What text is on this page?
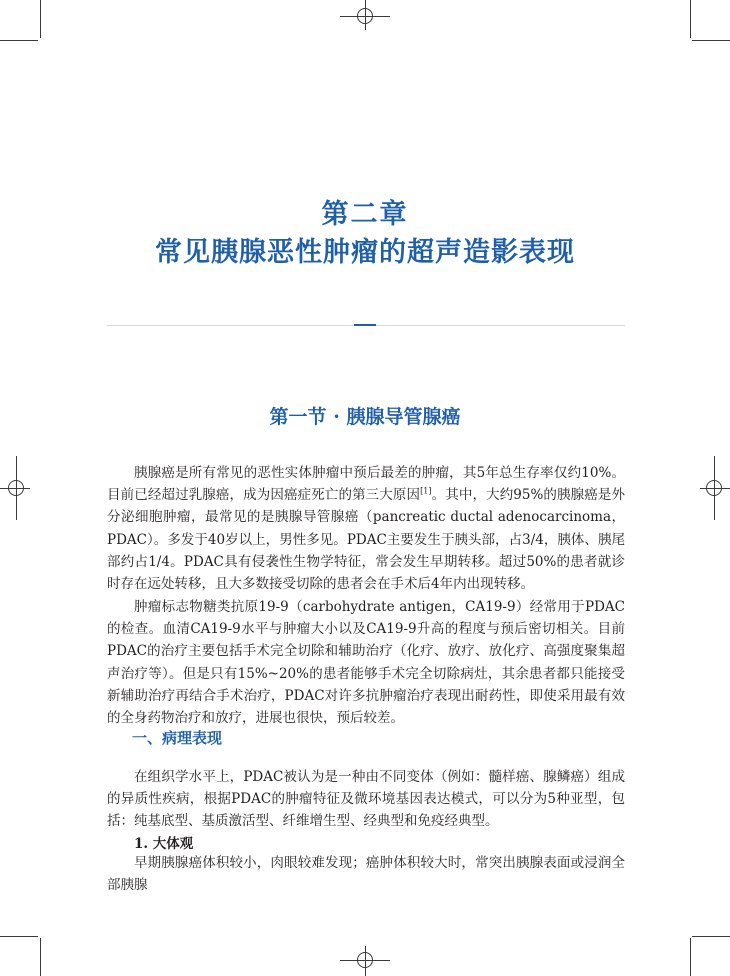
第二章
常见胰腺恶性肿瘤的超声造影表现
第一节 · 胰腺导管腺癌

胰腺癌是所有常见的恶性实体肿瘤中预后最差的肿瘤，其5年总生存率仅约10%。目前已经超过乳腺癌，成为因癌症死亡的第三大原因[1]。其中，大约95%的胰腺癌是外分泌细胞肿瘤，最常见的是胰腺导管腺癌（pancreatic ductal adenocarcinoma，PDAC）。多发于40岁以上，男性多见。PDAC主要发生于胰头部，占3/4，胰体、胰尾部约占1/4。PDAC具有侵袭性生物学特征，常会发生早期转移。超过50%的患者就诊时存在远处转移，且大多数接受切除的患者会在手术后4年内出现转移。

肿瘤标志物糖类抗原19-9（carbohydrate antigen，CA19-9）经常用于PDAC的检查。血清CA19-9水平与肿瘤大小以及CA19-9升高的程度与预后密切相关。目前PDAC的治疗主要包括手术完全切除和辅助治疗（化疗、放疗、放化疗、高强度聚集超声治疗等）。但是只有15%~20%的患者能够手术完全切除病灶，其余患者都只能接受新辅助治疗再结合手术治疗，PDAC对许多抗肿瘤治疗表现出耐药性，即使采用最有效的全身药物治疗和放疗，进展也很快，预后较差。

一、病理表现

在组织学水平上，PDAC被认为是一种由不同变体（例如：髓样癌、腺鳞癌）组成的异质性疾病，根据PDAC的肿瘤特征及微环境基因表达模式，可以分为5种亚型，包括：纯基底型、基质激活型、纤维增生型、经典型和免疫经典型。

1. 大体观

早期胰腺癌体积较小，肉眼较难发现；癌肿体积较大时，常突出胰腺表面或浸润全部胰腺
